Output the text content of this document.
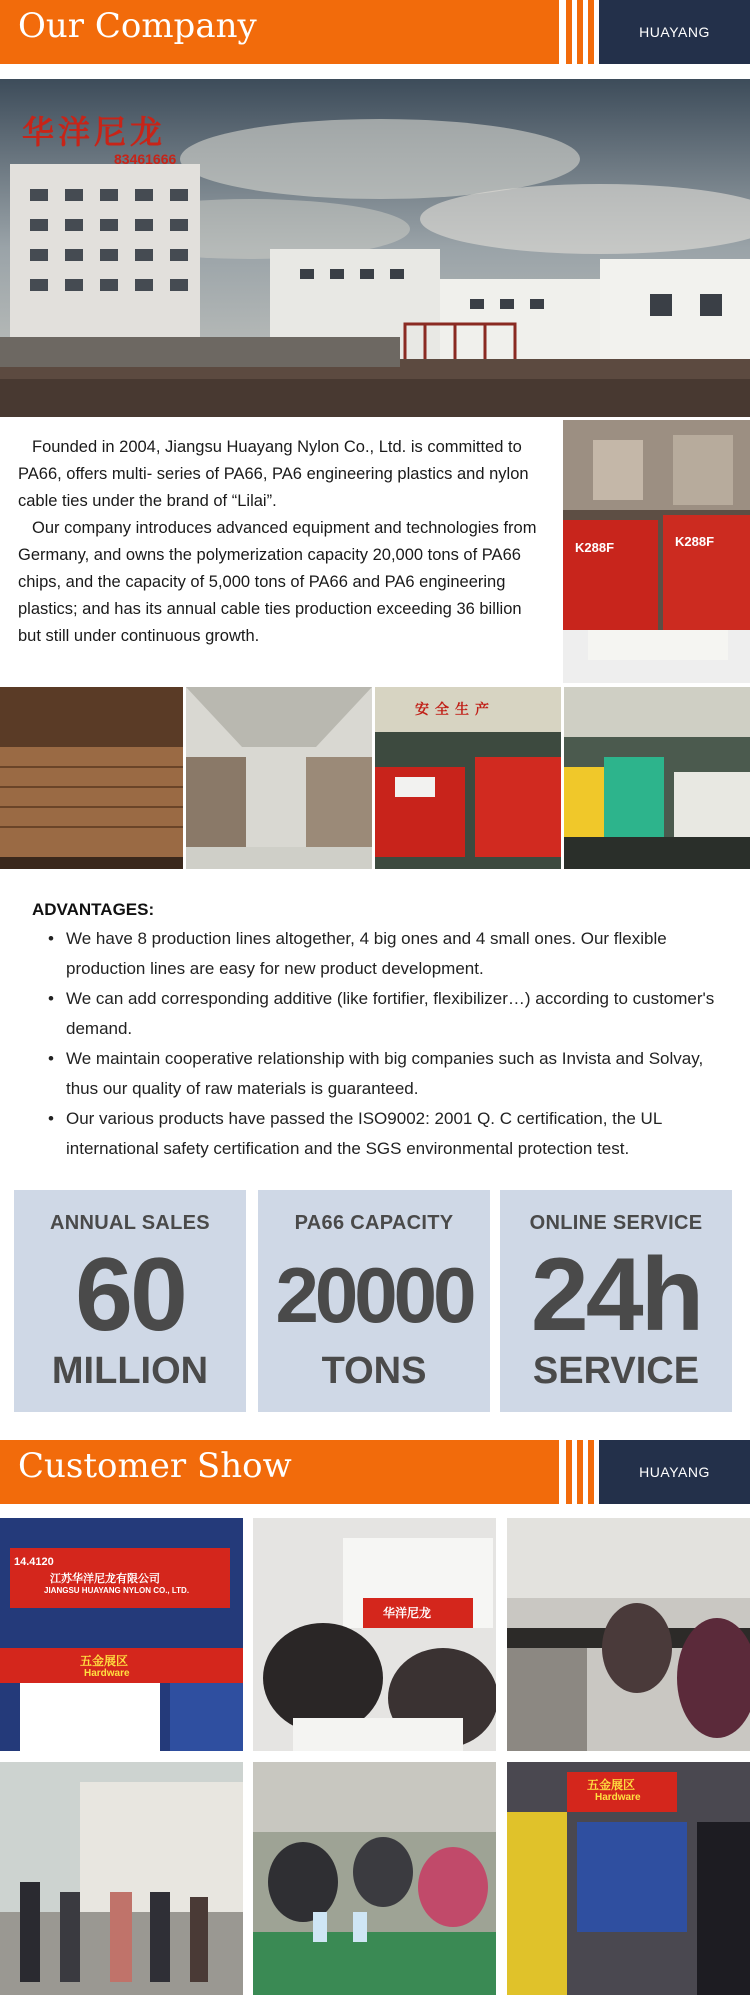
Our Company	HUAYANG
华洋尼龙
83461666

Founded in 2004, Jiangsu Huayang Nylon Co., Ltd. is committed to PA66, offers multi- series of PA66, PA6 engineering plastics and nylon cable ties under the brand of “Lilai”.

Our company introduces advanced equipment and technologies from Germany, and owns the polymerization capacity 20,000 tons of PA66 chips, and the capacity of 5,000 tons of PA66 and PA6 engineering plastics; and has its annual cable ties production exceeding 36 billion but still under continuous growth.

K288F	K288F
安全生产
ADVANTAGES:
• We have 8 production lines altogether, 4 big ones and 4 small ones. Our flexible production lines are easy for new product development.
• We can add corresponding additive (like fortifier, flexibilizer…) according to customer's demand.
• We maintain cooperative relationship with big companies such as Invista and Solvay, thus our quality of raw materials is guaranteed.
• Our various products have passed the ISO9002: 2001 Q. C certification, the UL international safety certification and the SGS environmental protection test.
ANNUAL SALES
60
MILLION
PA66 CAPACITY
20000
TONS
ONLINE SERVICE
24h
SERVICE
Customer Show	HUAYANG
14.4120
江苏华洋尼龙有限公司
JIANGSU HUAYANG NYLON CO., LTD.
五金展区
Hardware
华洋尼龙
五金展区
Hardware
